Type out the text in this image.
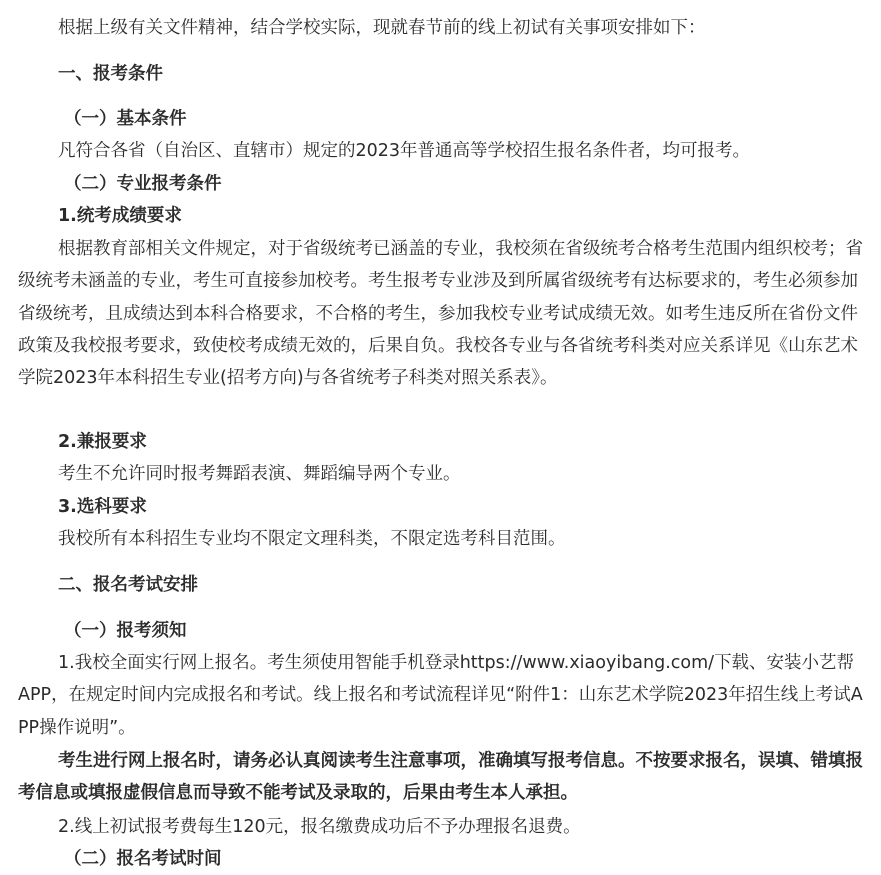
根据上级有关文件精神，结合学校实际，现就春节前的线上初试有关事项安排如下：

一、报考条件

（一）基本条件

凡符合各省（自治区、直辖市）规定的2023年普通高等学校招生报名条件者，均可报考。

（二）专业报考条件

1.统考成绩要求

根据教育部相关文件规定，对于省级统考已涵盖的专业，我校须在省级统考合格考生范围内组织校考；省级统考未涵盖的专业，考生可直接参加校考。考生报考专业涉及到所属省级统考有达标要求的，考生必须参加省级统考，且成绩达到本科合格要求，不合格的考生，参加我校专业考试成绩无效。如考生违反所在省份文件政策及我校报考要求，致使校考成绩无效的，后果自负。我校各专业与各省统考科类对应关系详见《山东艺术学院2023年本科招生专业(招考方向)与各省统考子科类对照关系表》。

2.兼报要求

考生不允许同时报考舞蹈表演、舞蹈编导两个专业。

3.选科要求

我校所有本科招生专业均不限定文理科类，不限定选考科目范围。

二、报名考试安排

（一）报考须知

1.我校全面实行网上报名。考生须使用智能手机登录https://www.xiaoyibang.com/下载、安装小艺帮APP，在规定时间内完成报名和考试。线上报名和考试流程详见“附件1：山东艺术学院2023年招生线上考试APP操作说明”。

考生进行网上报名时，请务必认真阅读考生注意事项，准确填写报考信息。不按要求报名，误填、错填报考信息或填报虚假信息而导致不能考试及录取的，后果由考生本人承担。

2.线上初试报考费每生120元，报名缴费成功后不予办理报名退费。

（二）报名考试时间
